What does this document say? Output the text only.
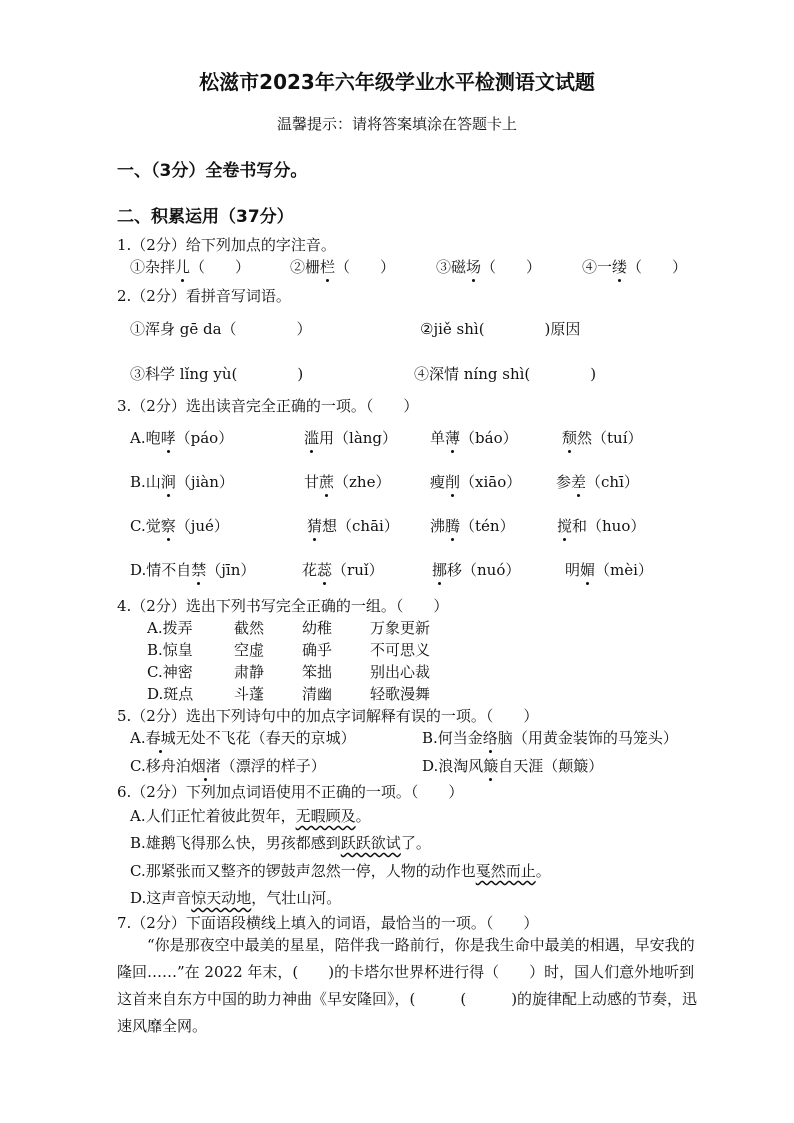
松滋市2023年六年级学业水平检测语文试题
温馨提示：请将答案填涂在答题卡上
一、（3分）全卷书写分。
二、积累运用（37分）
1.（2分）给下列加点的字注音。
①杂拌儿（　　）	②栅栏（　　）	③磁场（　　）	④一缕（　　）
2.（2分）看拼音写词语。
①浑身 gē da（　　　　）	②jiě shì(　　　　)原因
③科学 lǐng yù(　　　　)	④深情 níng shì(　　　　)
3.（2分）选出读音完全正确的一项。（　　）
A.咆哮（páo）	滥用（làng） 单薄（báo）	颓然（tuí）
B.山涧（jiàn）	甘蔗（zhe）	瘦削（xiāo） 参差（chī）
C.觉察（jué）	猜想（chāi） 沸腾（tén）	搅和（huo）
D.情不自禁（jīn）	花蕊（ruǐ）	挪移（nuó）	明媚（mèi）
4.（2分）选出下列书写完全正确的一组。（　　）
A.拨弄	截然	幼稚	万象更新
B.惊皇	空虚	确乎	不可思义
C.神密	肃静	笨拙	别出心裁
D.斑点	斗蓬	清幽	轻歌漫舞
5.（2分）选出下列诗句中的加点字词解释有误的一项。（　　）
A.春城无处不飞花（春天的京城）	B.何当金络脑（用黄金装饰的马笼头）
C.移舟泊烟渚（漂浮的样子）	D.浪淘风簸自天涯（颠簸）
6.（2分）下列加点词语使用不正确的一项。（　　）
A.人们正忙着彼此贺年，无暇顾及。
B.雄鹅飞得那么快，男孩都感到跃跃欲试了。
C.那紧张而又整齐的锣鼓声忽然一停，人物的动作也戛然而止。
D.这声音惊天动地，气壮山河。
7.（2分）下面语段横线上填入的词语，最恰当的一项。（　　）
“你是那夜空中最美的星星，陪伴我一路前行，你是我生命中最美的相遇，早安我的隆回……”在 2022 年末，(　　)的卡塔尔世界杯进行得（　　）时，国人们意外地听到这首来自东方中国的助力神曲《早安隆回》，(　　　(　　　)的旋律配上动感的节奏，迅速风靡全网。
